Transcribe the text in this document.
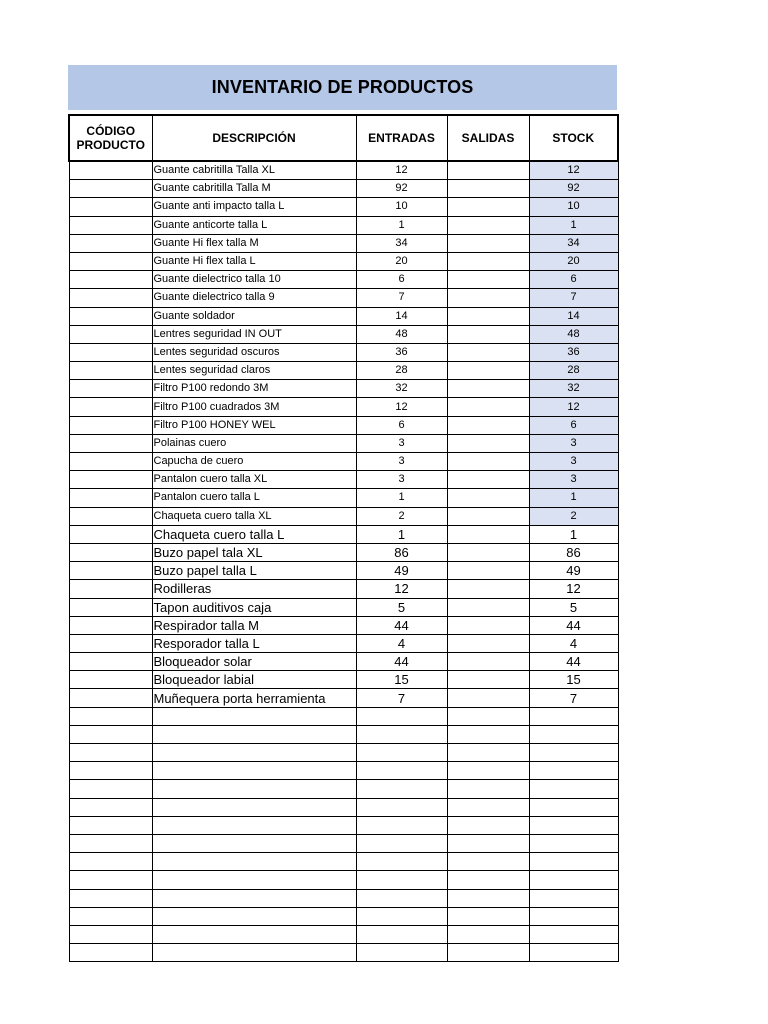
INVENTARIO DE PRODUCTOS
CÓDIGO
PRODUCTO	DESCRIPCIÓN	ENTRADAS	SALIDAS	STOCK
	Guante cabritilla Talla XL	12		12
	Guante cabritilla Talla M	92		92
	Guante anti impacto talla L	10		10
	Guante anticorte talla L	1		1
	Guante Hi flex talla M	34		34
	Guante Hi flex talla L	20		20
	Guante dielectrico talla 10	6		6
	Guante dielectrico talla 9	7		7
	Guante soldador	14		14
	Lentres seguridad IN OUT	48		48
	Lentes seguridad oscuros	36		36
	Lentes seguridad claros	28		28
	Filtro P100 redondo 3M	32		32
	Filtro P100 cuadrados 3M	12		12
	Filtro P100 HONEY WEL	6		6
	Polainas cuero	3		3
	Capucha de cuero	3		3
	Pantalon cuero talla XL	3		3
	Pantalon cuero talla L	1		1
	Chaqueta cuero talla XL	2		2
	Chaqueta cuero talla L	1		1
	Buzo papel tala XL	86		86
	Buzo papel talla L	49		49
	Rodilleras	12		12
	Tapon auditivos caja	5		5
	Respirador talla M	44		44
	Resporador talla L	4		4
	Bloqueador solar	44		44
	Bloqueador labial	15		15
	Muñequera porta herramienta	7		7
